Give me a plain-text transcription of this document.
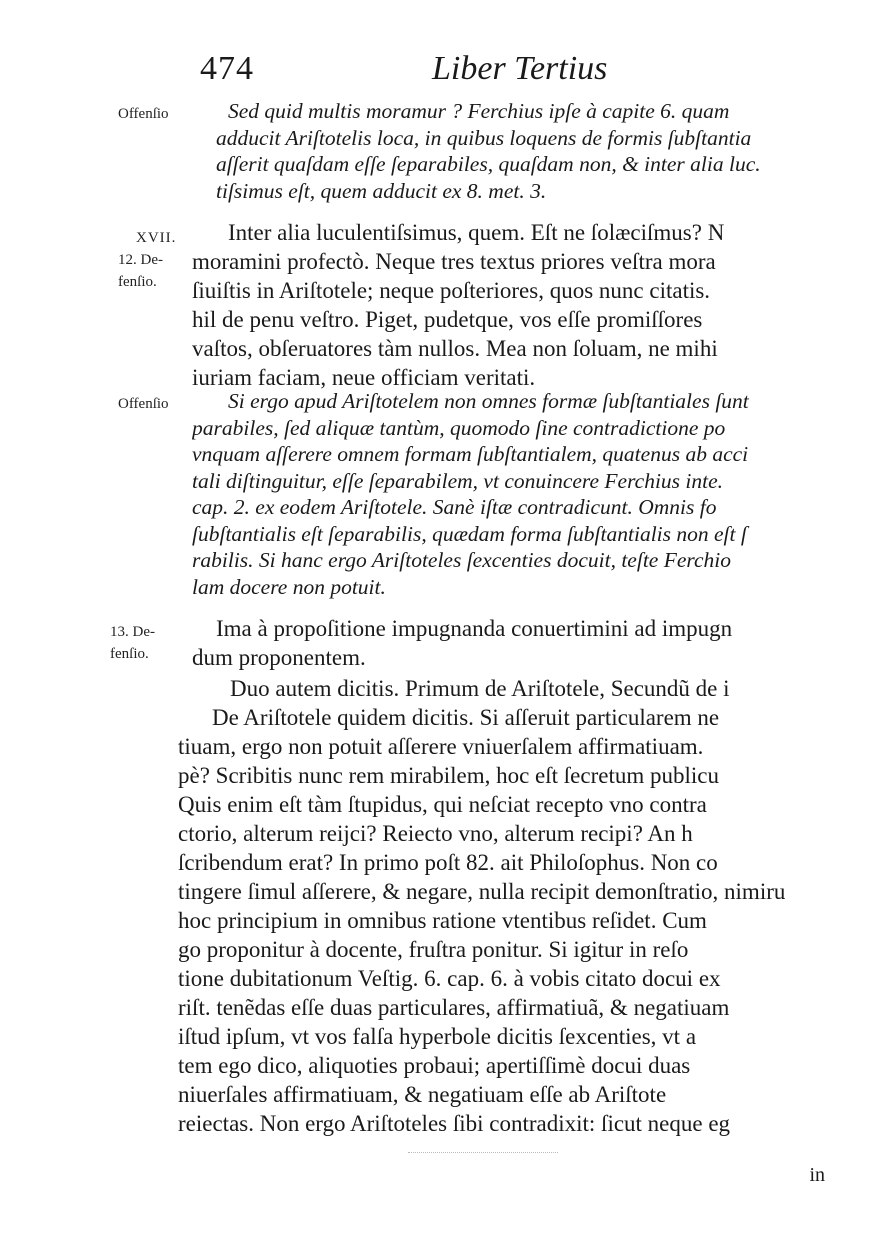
474	Liber Tertius
Offenſio
XVII.
12. De-
fenſio.
Offenſio
13. De-
fenſio.
Sed quid multis moramur ? Ferchius ipſe à capite 6. quam
adducit Ariſtotelis loca, in quibus loquens de formis ſubſtantia
aſſerit quaſdam eſſe ſeparabiles, quaſdam non, & inter alia luc.
tiſsimus eſt, quem adducit ex 8. met. 3.
Inter alia luculentiſsimus, quem. Eſt ne ſolæciſmus? N
moramini profectò. Neque tres textus priores veſtra mora
ſiuiſtis in Ariſtotele; neque poſteriores, quos nunc citatis.
hil de penu veſtro. Piget, pudetque, vos eſſe promiſſores
vaſtos, obſeruatores tàm nullos. Mea non ſoluam, ne mihi
iuriam faciam, neue officiam veritati.
Si ergo apud Ariſtotelem non omnes formæ ſubſtantiales ſunt
parabiles, ſed aliquæ tantùm, quomodo ſine contradictione po
vnquam aſſerere omnem formam ſubſtantialem, quatenus ab acci
tali diſtinguitur, eſſe ſeparabilem, vt conuincere Ferchius inte.
cap. 2. ex eodem Ariſtotele. Sanè iſtæ contradicunt. Omnis fo
ſubſtantialis eſt ſeparabilis, quædam forma ſubſtantialis non eſt ſ
rabilis. Si hanc ergo Ariſtoteles ſexcenties docuit, teſte Ferchio
lam docere non potuit.
Ima à propoſitione impugnanda conuertimini ad impugn
dum proponentem.
Duo autem dicitis. Primum de Ariſtotele, Secundũ de i
De Ariſtotele quidem dicitis. Si aſſeruit particularem ne
tiuam, ergo non potuit aſſerere vniuerſalem affirmatiuam.
pè? Scribitis nunc rem mirabilem, hoc eſt ſecretum publicu
Quis enim eſt tàm ſtupidus, qui neſciat recepto vno contra
ctorio, alterum reijci? Reiecto vno, alterum recipi? An h
ſcribendum erat? In primo poſt 82. ait Philoſophus. Non co
tingere ſimul aſſerere, & negare, nulla recipit demonſtratio, nimiru
hoc principium in omnibus ratione vtentibus reſidet. Cum
go proponitur à docente, fruſtra ponitur. Si igitur in reſo
tione dubitationum Veſtig. 6. cap. 6. à vobis citato docui ex
riſt. tenẽdas eſſe duas particulares, affirmatiuã, & negatiuam
iſtud ipſum, vt vos falſa hyperbole dicitis ſexcenties, vt a
tem ego dico, aliquoties probaui; apertiſſimè docui duas
niuerſales affirmatiuam, & negatiuam eſſe ab Ariſtote
reiectas. Non ergo Ariſtoteles ſibi contradixit: ſicut neque eg
in
